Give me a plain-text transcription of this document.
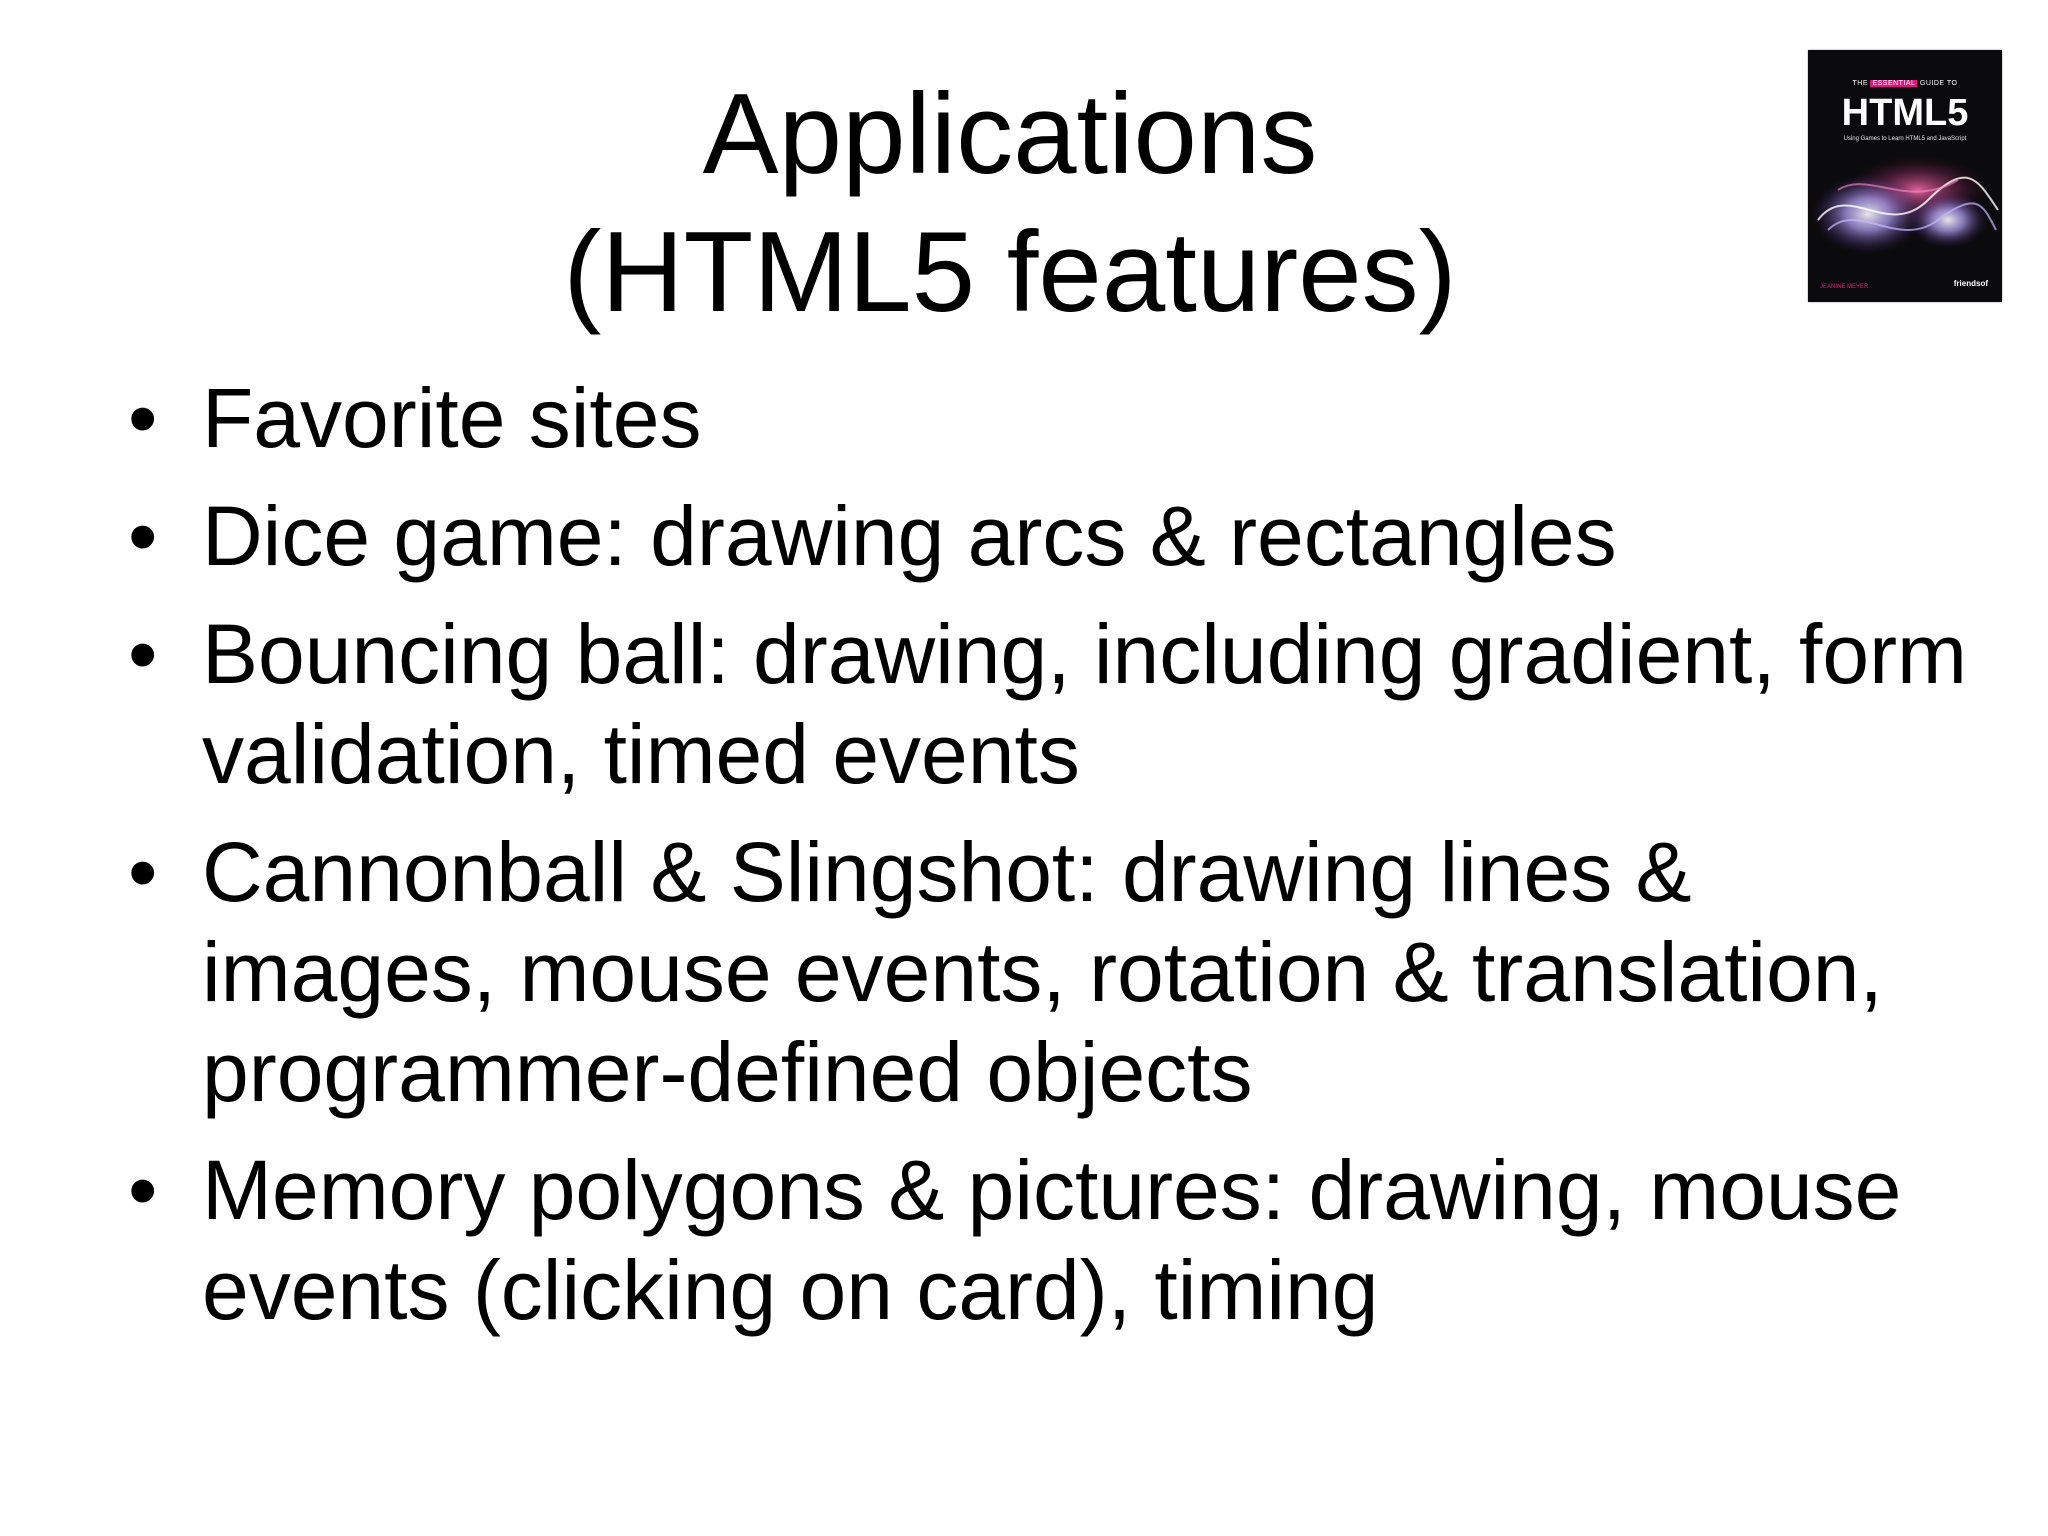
Applications
(HTML5 features)
THE ESSENTIAL GUIDE TO
HTML5
Using Games to Learn HTML5 and JavaScript
JEANINE MEYER	friendsof
• Favorite sites
• Dice game: drawing arcs & rectangles
• Bouncing ball: drawing, including gradient, form validation, timed events
• Cannonball & Slingshot: drawing lines & images, mouse events, rotation & translation, programmer-defined objects
• Memory polygons & pictures: drawing, mouse events (clicking on card), timing
